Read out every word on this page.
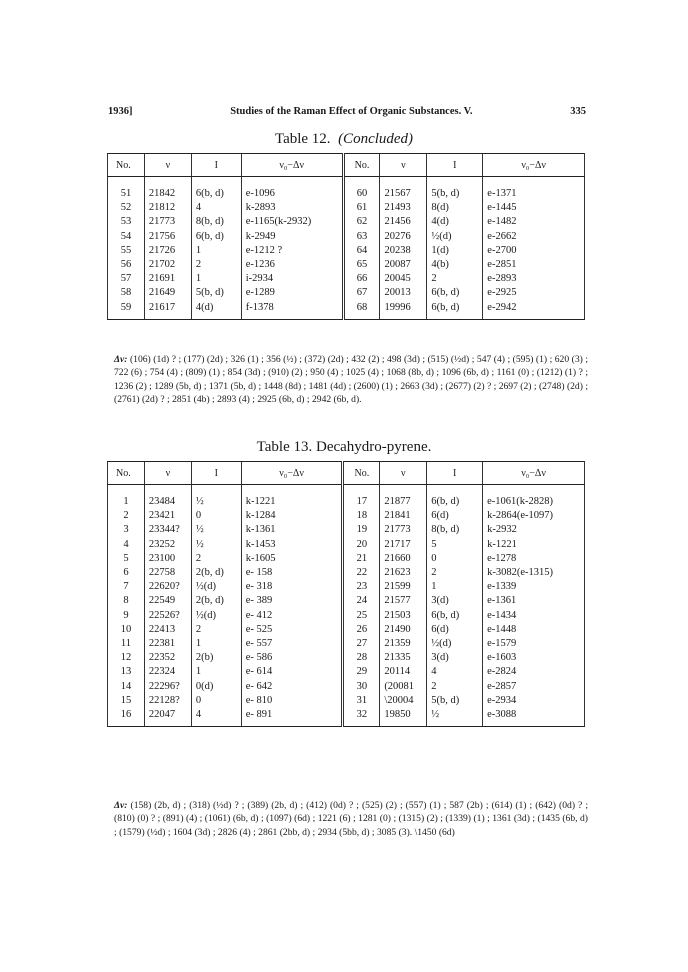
1936]	Studies of the Raman Effect of Organic Substances. V.	335
Table 12. (Concluded)
No.	ν	I	ν₀−Δν	No.	ν	I	ν₀−Δν

51	21842	6(b, d)	e-1096	60	21567	5(b, d)	e-1371
52	21812	4	k-2893	61	21493	8(d)	e-1445
53	21773	8(b, d)	e-1165(k-2932)	62	21456	4(d)	e-1482
54	21756	6(b, d)	k-2949	63	20276	½(d)	e-2662
55	21726	1	e-1212 ?	64	20238	1(d)	e-2700
56	21702	2	e-1236	65	20087	4(b)	e-2851
57	21691	1	i-2934	66	20045	2	e-2893
58	21649	5(b, d)	e-1289	67	20013	6(b, d)	e-2925
59	21617	4(d)	f-1378	68	19996	6(b, d)	e-2942
Δν: (106) (1d) ? ; (177) (2d) ; 326 (1) ; 356 (½) ; (372) (2d) ; 432 (2) ; 498 (3d) ; (515) (½d) ; 547 (4) ; (595) (1) ; 620 (3) ; 722 (6) ; 754 (4) ; (809) (1) ; 854 (3d) ; (910) (2) ; 950 (4) ; 1025 (4) ; 1068 (8b, d) ; 1096 (6b, d) ; 1161 (0) ; (1212) (1) ? ; 1236 (2) ; 1289 (5b, d) ; 1371 (5b, d) ; 1448 (8d) ; 1481 (4d) ; (2600) (1) ; 2663 (3d) ; (2677) (2) ? ; 2697 (2) ; (2748) (2d) ; (2761) (2d) ? ; 2851 (4b) ; 2893 (4) ; 2925 (6b, d) ; 2942 (6b, d).
Table 13. Decahydro-pyrene.
No.	ν	I	ν₀−Δν	No.	ν	I	ν₀−Δν

1	23484	½	k-1221	17	21877	6(b, d)	e-1061(k-2828)
2	23421	0	k-1284	18	21841	6(d)	k-2864(e-1097)
3	23344?	½	k-1361	19	21773	8(b, d)	k-2932
4	23252	½	k-1453	20	21717	5	k-1221
5	23100	2	k-1605	21	21660	0	e-1278
6	22758	2(b, d)	e- 158	22	21623	2	k-3082(e-1315)
7	22620?	½(d)	e- 318	23	21599	1	e-1339
8	22549	2(b, d)	e- 389	24	21577	3(d)	e-1361
9	22526?	½(d)	e- 412	25	21503	6(b, d)	e-1434
10	22413	2	e- 525	26	21490	6(d)	e-1448
11	22381	1	e- 557	27	21359	½(d)	e-1579
12	22352	2(b)	e- 586	28	21335	3(d)	e-1603
13	22324	1	e- 614	29	20114	4	e-2824
14	22296?	0(d)	e- 642	30	(20081	2	e-2857
15	22128?	0	e- 810	31	\20004	5(b, d)	e-2934
16	22047	4	e- 891	32	19850	½	e-3088
Δν: (158) (2b, d) ; (318) (½d) ? ; (389) (2b, d) ; (412) (0d) ? ; (525) (2) ; (557) (1) ; 587 (2b) ; (614) (1) ; (642) (0d) ? ; (810) (0) ? ; (891) (4) ; (1061) (6b, d) ; (1097) (6d) ; 1221 (6) ; 1281 (0) ; (1315) (2) ; (1339) (1) ; 1361 (3d) ; (1435 (6b, d) ; (1579) (½d) ; 1604 (3d) ; 2826 (4) ; 2861 (2bb, d) ; 2934 (5bb, d) ; 3085 (3). \1450 (6d)
